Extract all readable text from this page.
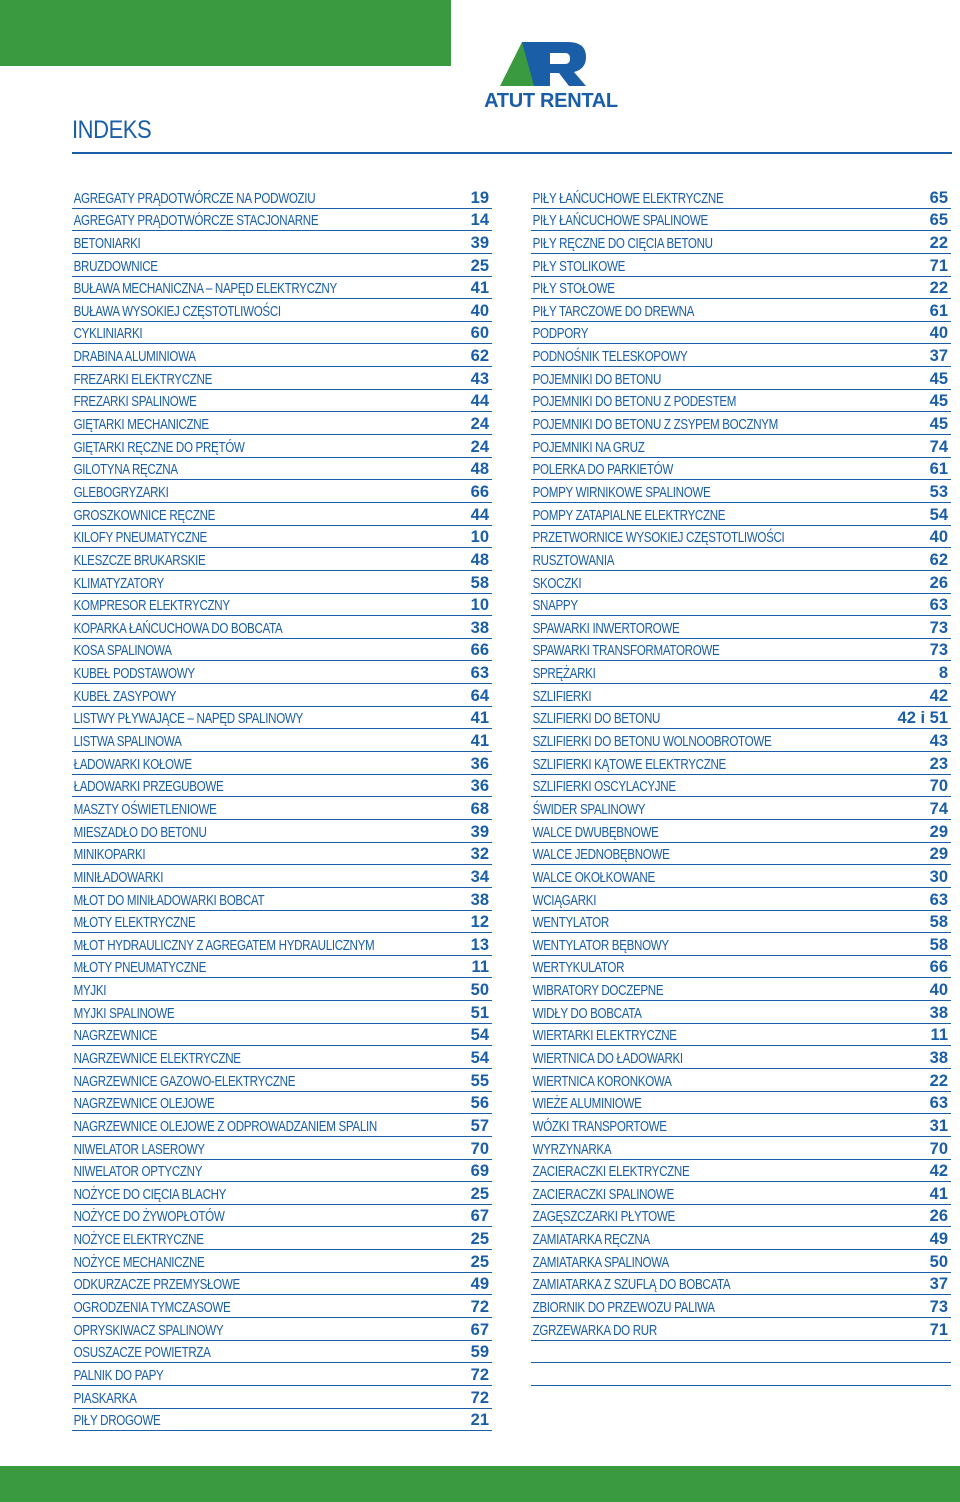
ATUT RENTAL
INDEKS
AGREGATY PRĄDOTWÓRCZE NA PODWOZIU	19
AGREGATY PRĄDOTWÓRCZE STACJONARNE	14
BETONIARKI	39
BRUZDOWNICE	25
BUŁAWA MECHANICZNA – NAPĘD ELEKTRYCZNY	41
BUŁAWA WYSOKIEJ CZĘSTOTLIWOŚCI	40
CYKLINIARKI	60
DRABINA ALUMINIOWA	62
FREZARKI ELEKTRYCZNE	43
FREZARKI SPALINOWE	44
GIĘTARKI MECHANICZNE	24
GIĘTARKI RĘCZNE DO PRĘTÓW	24
GILOTYNA RĘCZNA	48
GLEBOGRYZARKI	66
GROSZKOWNICE RĘCZNE	44
KILOFY PNEUMATYCZNE	10
KLESZCZE BRUKARSKIE	48
KLIMATYZATORY	58
KOMPRESOR ELEKTRYCZNY	10
KOPARKA ŁAŃCUCHOWA DO BOBCATA	38
KOSA SPALINOWA	66
KUBEŁ PODSTAWOWY	63
KUBEŁ ZASYPOWY	64
LISTWY PŁYWAJĄCE – NAPĘD SPALINOWY	41
LISTWA SPALINOWA	41
ŁADOWARKI KOŁOWE	36
ŁADOWARKI PRZEGUBOWE	36
MASZTY OŚWIETLENIOWE	68
MIESZADŁO DO BETONU	39
MINIKOPARKI	32
MINIŁADOWARKI	34
MŁOT DO MINIŁADOWARKI BOBCAT	38
MŁOTY ELEKTRYCZNE	12
MŁOT HYDRAULICZNY Z AGREGATEM HYDRAULICZNYM	13
MŁOTY PNEUMATYCZNE	11
MYJKI	50
MYJKI SPALINOWE	51
NAGRZEWNICE	54
NAGRZEWNICE ELEKTRYCZNE	54
NAGRZEWNICE GAZOWO-ELEKTRYCZNE	55
NAGRZEWNICE OLEJOWE	56
NAGRZEWNICE OLEJOWE Z ODPROWADZANIEM SPALIN	57
NIWELATOR LASEROWY	70
NIWELATOR OPTYCZNY	69
NOŻYCE DO CIĘCIA BLACHY	25
NOŻYCE DO ŻYWOPŁOTÓW	67
NOŻYCE ELEKTRYCZNE	25
NOŻYCE MECHANICZNE	25
ODKURZACZE PRZEMYSŁOWE	49
OGRODZENIA TYMCZASOWE	72
OPRYSKIWACZ SPALINOWY	67
OSUSZACZE POWIETRZA	59
PALNIK DO PAPY	72
PIASKARKA	72
PIŁY DROGOWE	21
PIŁY ŁAŃCUCHOWE ELEKTRYCZNE	65
PIŁY ŁAŃCUCHOWE SPALINOWE	65
PIŁY RĘCZNE DO CIĘCIA BETONU	22
PIŁY STOLIKOWE	71
PIŁY STOŁOWE	22
PIŁY TARCZOWE DO DREWNA	61
PODPORY	40
PODNOŚNIK TELESKOPOWY	37
POJEMNIKI DO BETONU	45
POJEMNIKI DO BETONU Z PODESTEM	45
POJEMNIKI DO BETONU Z ZSYPEM BOCZNYM	45
POJEMNIKI NA GRUZ	74
POLERKA DO PARKIETÓW	61
POMPY WIRNIKOWE SPALINOWE	53
POMPY ZATAPIALNE ELEKTRYCZNE	54
PRZETWORNICE WYSOKIEJ CZĘSTOTLIWOŚCI	40
RUSZTOWANIA	62
SKOCZKI	26
SNAPPY	63
SPAWARKI INWERTOROWE	73
SPAWARKI TRANSFORMATOROWE	73
SPRĘŻARKI	8
SZLIFIERKI	42
SZLIFIERKI DO BETONU	42 i 51
SZLIFIERKI DO BETONU WOLNOOBROTOWE	43
SZLIFIERKI KĄTOWE ELEKTRYCZNE	23
SZLIFIERKI OSCYLACYJNE	70
ŚWIDER SPALINOWY	74
WALCE DWUBĘBNOWE	29
WALCE JEDNOBĘBNOWE	29
WALCE OKOŁKOWANE	30
WCIĄGARKI	63
WENTYLATOR	58
WENTYLATOR BĘBNOWY	58
WERTYKULATOR	66
WIBRATORY DOCZEPNE	40
WIDŁY DO BOBCATA	38
WIERTARKI ELEKTRYCZNE	11
WIERTNICA DO ŁADOWARKI	38
WIERTNICA KORONKOWA	22
WIEŻE ALUMINIOWE	63
WÓZKI TRANSPORTOWE	31
WYRZYNARKA	70
ZACIERACZKI ELEKTRYCZNE	42
ZACIERACZKI SPALINOWE	41
ZAGĘSZCZARKI PŁYTOWE	26
ZAMIATARKA RĘCZNA	49
ZAMIATARKA SPALINOWA	50
ZAMIATARKA Z SZUFLĄ DO BOBCATA	37
ZBIORNIK DO PRZEWOZU PALIWA	73
ZGRZEWARKA DO RUR	71
